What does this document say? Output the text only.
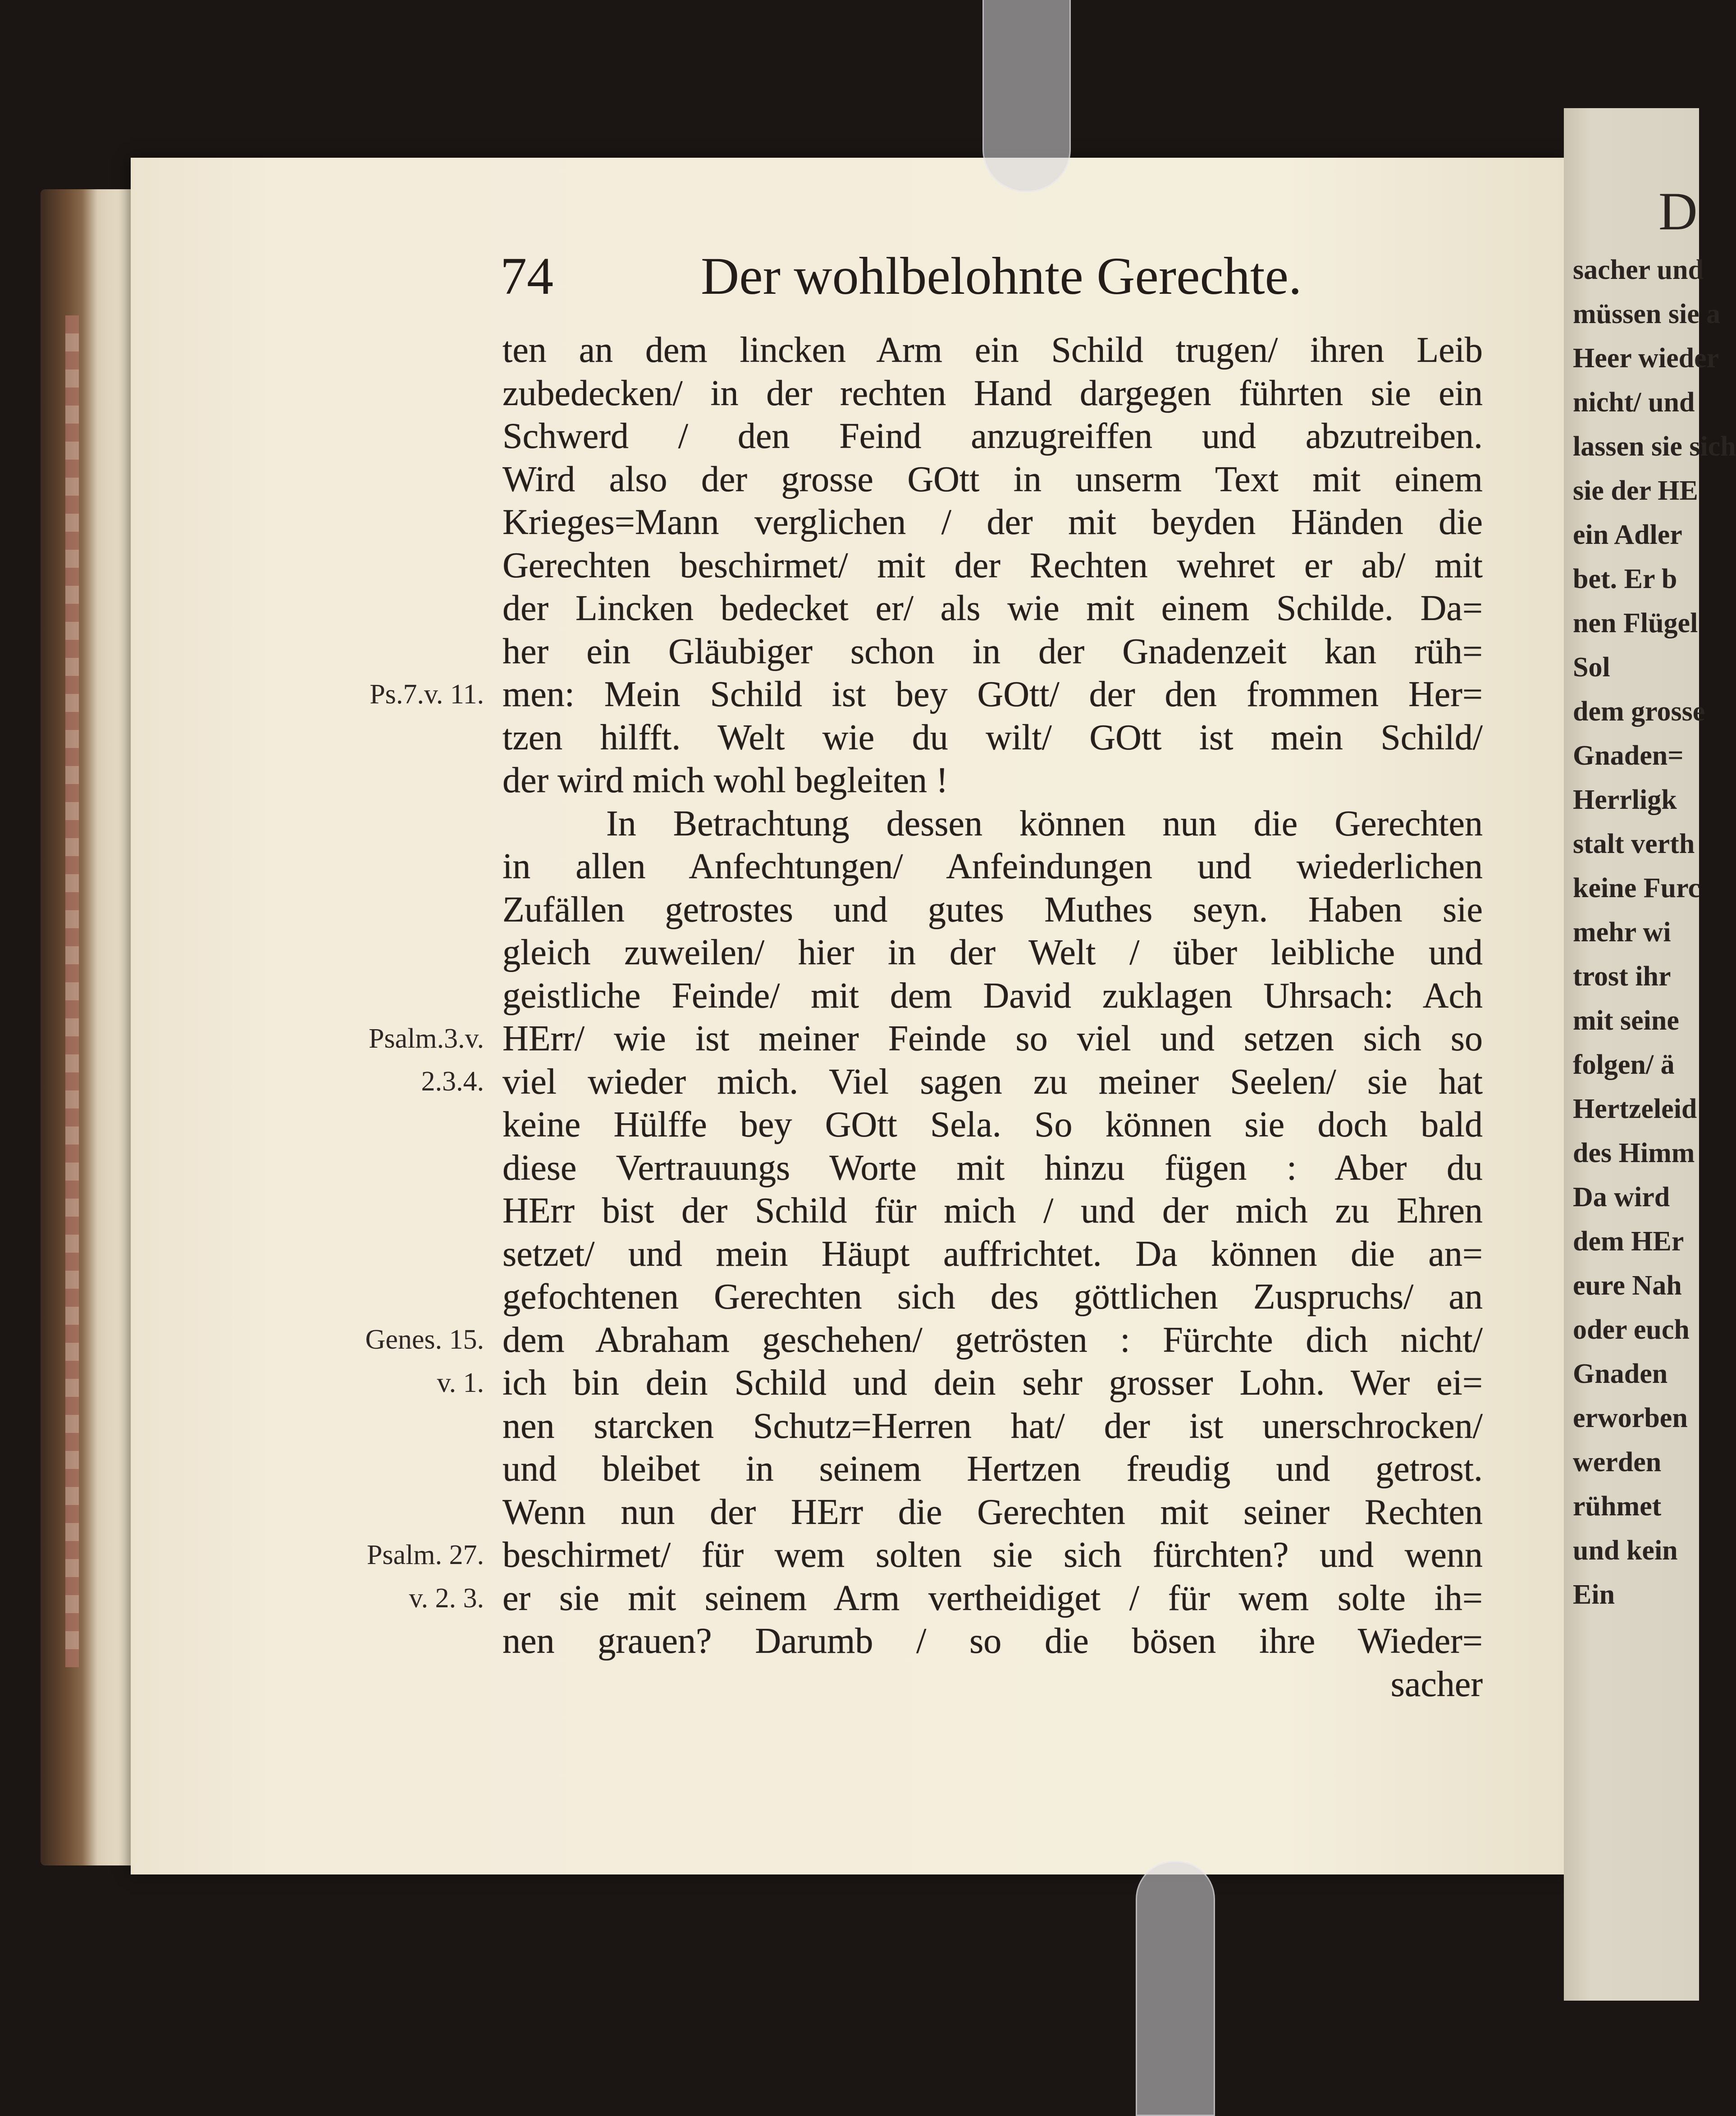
D
sacher und
müssen sie a
Heer wieder
nicht/ und
lassen sie sich
sie der HE
ein Adler
bet. Er b
nen Flügel
Sol
dem grosse
Gnaden=
Herrligk
stalt verth
keine Furc
mehr wi
trost ihr
mit seine
folgen/ ä
Hertzeleid
des Himm
Da wird
dem HEr
eure Nah
oder euch
Gnaden
erworben
werden
rühmet
und kein
Ein
74	Der wohlbelohnte Gerechte.
ten an dem lincken Arm ein Schild trugen/ ihren Leib
zubedecken/ in der rechten Hand dargegen führten sie ein
Schwerd / den Feind anzugreiffen und abzutreiben.
Wird also der grosse GOtt in unserm Text mit einem
Krieges=Mann verglichen / der mit beyden Händen die
Gerechten beschirmet/ mit der Rechten wehret er ab/ mit
der Lincken bedecket er/ als wie mit einem Schilde. Da=
her ein Gläubiger schon in der Gnadenzeit kan rüh=
men: Mein Schild ist bey GOtt/ der den frommen Her=
tzen hilfft. Welt wie du wilt/ GOtt ist mein Schild/
der wird mich wohl begleiten !
In Betrachtung dessen können nun die Gerechten
in allen Anfechtungen/ Anfeindungen und wiederlichen
Zufällen getrostes und gutes Muthes seyn. Haben sie
gleich zuweilen/ hier in der Welt / über leibliche und
geistliche Feinde/ mit dem David zuklagen Uhrsach: Ach
HErr/ wie ist meiner Feinde so viel und setzen sich so
viel wieder mich. Viel sagen zu meiner Seelen/ sie hat
keine Hülffe bey GOtt Sela. So können sie doch bald
diese Vertrauungs Worte mit hinzu fügen : Aber du
HErr bist der Schild für mich / und der mich zu Ehren
setzet/ und mein Häupt auffrichtet. Da können die an=
gefochtenen Gerechten sich des göttlichen Zuspruchs/ an
dem Abraham geschehen/ getrösten : Fürchte dich nicht/
ich bin dein Schild und dein sehr grosser Lohn. Wer ei=
nen starcken Schutz=Herren hat/ der ist unerschrocken/
und bleibet in seinem Hertzen freudig und getrost.
Wenn nun der HErr die Gerechten mit seiner Rechten
beschirmet/ für wem solten sie sich fürchten? und wenn
er sie mit seinem Arm vertheidiget / für wem solte ih=
nen grauen? Darumb / so die bösen ihre Wieder=
sacher
Ps.7.v. 11.
Psalm.3.v.
2.3.4.
Genes. 15.
v. 1.
Psalm. 27.
v. 2. 3.
